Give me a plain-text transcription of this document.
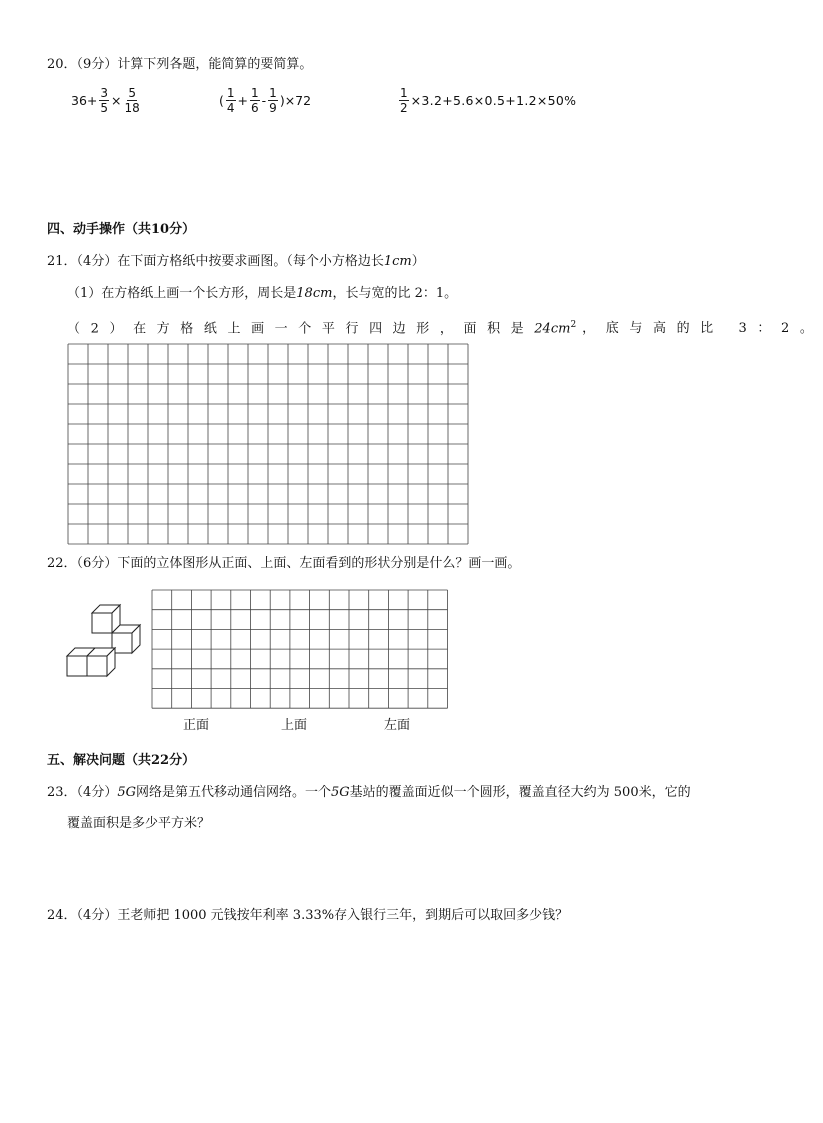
20．（9分）计算下列各题，能简算的要简算。
$36+ \frac{3}{5} \times \frac{5}{18}$	( $\frac{1}{4} + \frac{1}{6} - \frac{1}{9} )\times 72$	$\frac{1}{2} \times 3.2+5.6\times 0.5+1.2\times 50\%$
四、动手操作（共10分）
21．（4分）在下面方格纸中按要求画图。（每个小方格边长1cm）
（1）在方格纸上画一个长方形，周长是18cm，长与宽的比 2：1。
（2）在方格纸上画一个平行四边形，面积是$24cm^2$ ，底与高的比 3：2。
22．（6分）下面的立体图形从正面、上面、左面看到的形状分别是什么？画一画。
正面	上面	左面
五、解决问题（共22分）
23．（4分）5G网络是第五代移动通信网络。一个5G基站的覆盖面近似一个圆形，覆盖直径大约为 500米，它的
覆盖面积是多少平方米？
24．（4分）王老师把 1000 元钱按年利率 3.33%存入银行三年，到期后可以取回多少钱？
